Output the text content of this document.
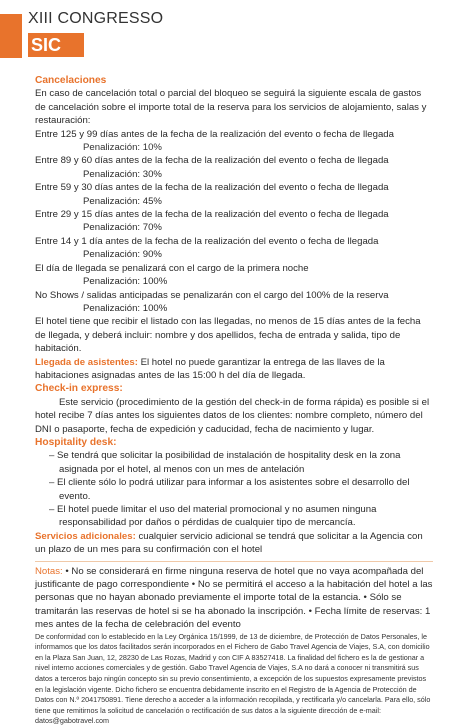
XIII CONGRESSO
SIC

Cancelaciones

En caso de cancelación total o parcial del bloqueo se seguirá la siguiente escala de gastos de cancelación sobre el importe total de la reserva para los servicios de alojamiento, salas y restauración:

Entre 125 y 99 días antes de la fecha de la realización del evento o fecha de llegada

Penalización: 10%

Entre 89 y 60 días antes de la fecha de la realización del evento o fecha de llegada

Penalización: 30%

Entre 59 y 30 días antes de la fecha de la realización del evento o fecha de llegada

Penalización: 45%

Entre 29 y 15 días antes de la fecha de la realización del evento o fecha de llegada

Penalización: 70%

Entre 14 y 1 día antes de la fecha de la realización del evento o fecha de llegada

Penalización: 90%

El día de llegada se penalizará con el cargo de la primera noche

Penalización: 100%

No Shows / salidas anticipadas se penalizarán con el cargo del 100% de la reserva

Penalización: 100%

El hotel tiene que recibir el listado con las llegadas, no menos de 15 días antes de la fecha de llegada, y deberá incluir: nombre y dos apellidos, fecha de entrada y salida, tipo de habitación.

Llegada de asistentes: El hotel no puede garantizar la entrega de las llaves de la habitaciones asignadas antes de las 15:00 h del día de llegada.

Check-in express:

Este servicio (procedimiento de la gestión del check-in de forma rápida) es posible si el hotel recibe 7 días antes los siguientes datos de los clientes: nombre completo, número del DNI o pasaporte, fecha de expedición y caducidad, fecha de nacimiento y lugar.

Hospitality desk:

– Se tendrá que solicitar la posibilidad de instalación de hospitality desk en la zona asignada por el hotel, al menos con un mes de antelación

– El cliente sólo lo podrá utilizar para informar a los asistentes sobre el desarrollo del evento.

– El hotel puede limitar el uso del material promocional y no asumen ninguna responsabilidad por daños o pérdidas de cualquier tipo de mercancía.

Servicios adicionales: cualquier servicio adicional se tendrá que solicitar a la Agencia con un plazo de un mes para su confirmación con el hotel

Notas: • No se considerará en firme ninguna reserva de hotel que no vaya acompañada del justificante de pago correspondiente • No se permitirá el acceso a la habitación del hotel a las personas que no hayan abonado previamente el importe total de la estancia. • Sólo se tramitarán las reservas de hotel si se ha abonado la inscripción. • Fecha límite de reservas: 1 mes antes de la fecha de celebración del evento

De conformidad con lo establecido en la Ley Orgánica 15/1999, de 13 de diciembre, de Protección de Datos Personales, le informamos que los datos facilitados serán incorporados en el Fichero de Gabo Travel Agencia de Viajes, S.A, con domicilio en la Plaza San Juan, 12, 28230 de Las Rozas, Madrid y con CIF A 83527418. La finalidad del fichero es la de gestionar a nivel interno acciones comerciales y de gestión. Gabo Travel Agencia de Viajes, S.A no dará a conocer ni transmitirá sus datos a terceros bajo ningún concepto sin su previo consentimiento, a excepción de los supuestos expresamente previstos en la legislación vigente. Dicho fichero se encuentra debidamente inscrito en el Registro de la Agencia de Protección de Datos con N.º 2041750891. Tiene derecho a acceder a la información recopilada, y rectificarla y/o cancelarla. Para ello, sólo tiene que remitirnos la solicitud de cancelación o rectificación de sus datos a la siguiente dirección de e-mail: datos@gabotravel.com
